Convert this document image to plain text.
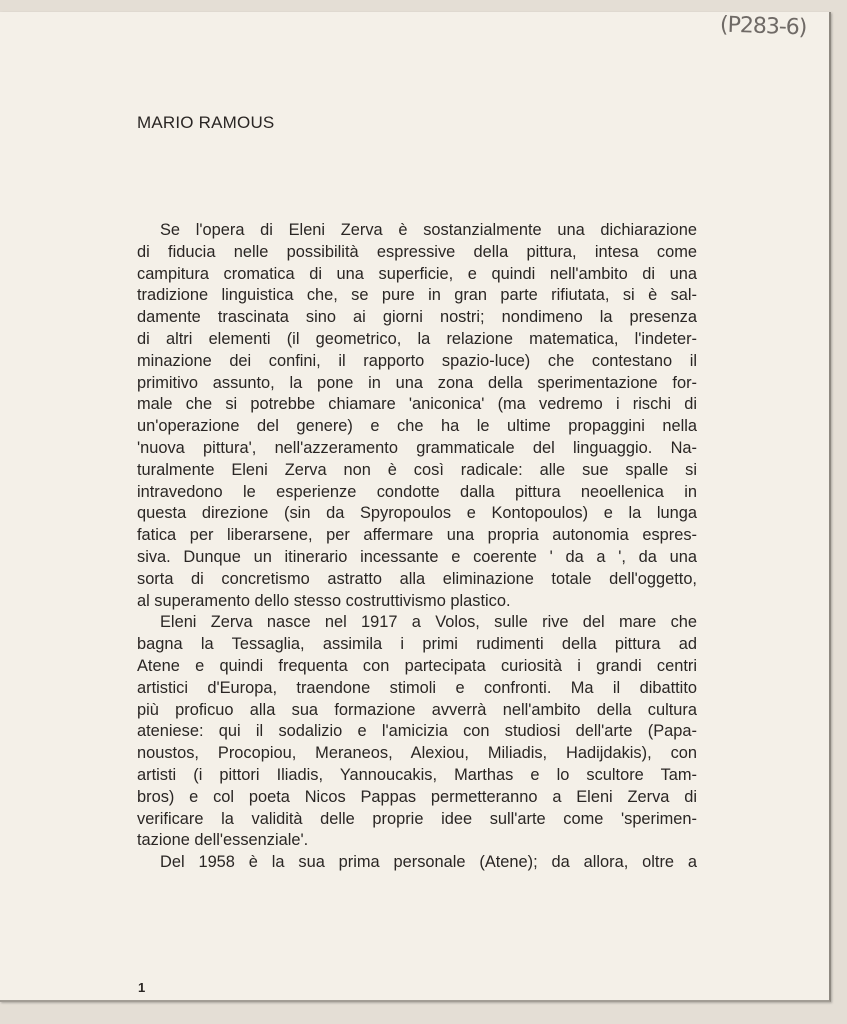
(P283-6)
MARIO RAMOUS
Se l'opera di Eleni Zerva è sostanzialmente una dichiarazione
di fiducia nelle possibilità espressive della pittura, intesa come
campitura cromatica di una superficie, e quindi nell'ambito di una
tradizione linguistica che, se pure in gran parte rifiutata, si è sal-
damente trascinata sino ai giorni nostri; nondimeno la presenza
di altri elementi (il geometrico, la relazione matematica, l'indeter-
minazione dei confini, il rapporto spazio-luce) che contestano il
primitivo assunto, la pone in una zona della sperimentazione for-
male che si potrebbe chiamare 'aniconica' (ma vedremo i rischi di
un'operazione del genere) e che ha le ultime propaggini nella
'nuova pittura', nell'azzeramento grammaticale del linguaggio. Na-
turalmente Eleni Zerva non è così radicale: alle sue spalle si
intravedono le esperienze condotte dalla pittura neoellenica in
questa direzione (sin da Spyropoulos e Kontopoulos) e la lunga
fatica per liberarsene, per affermare una propria autonomia espres-
siva. Dunque un itinerario incessante e coerente ' da a ', da una
sorta di concretismo astratto alla eliminazione totale dell'oggetto,
al superamento dello stesso costruttivismo plastico.
Eleni Zerva nasce nel 1917 a Volos, sulle rive del mare che
bagna la Tessaglia, assimila i primi rudimenti della pittura ad
Atene e quindi frequenta con partecipata curiosità i grandi centri
artistici d'Europa, traendone stimoli e confronti. Ma il dibattito
più proficuo alla sua formazione avverrà nell'ambito della cultura
ateniese: qui il sodalizio e l'amicizia con studiosi dell'arte (Papa-
noustos, Procopiou, Meraneos, Alexiou, Miliadis, Hadijdakis), con
artisti (i pittori Iliadis, Yannoucakis, Marthas e lo scultore Tam-
bros) e col poeta Nicos Pappas permetteranno a Eleni Zerva di
verificare la validità delle proprie idee sull'arte come 'sperimen-
tazione dell'essenziale'.
Del 1958 è la sua prima personale (Atene); da allora, oltre a
1
